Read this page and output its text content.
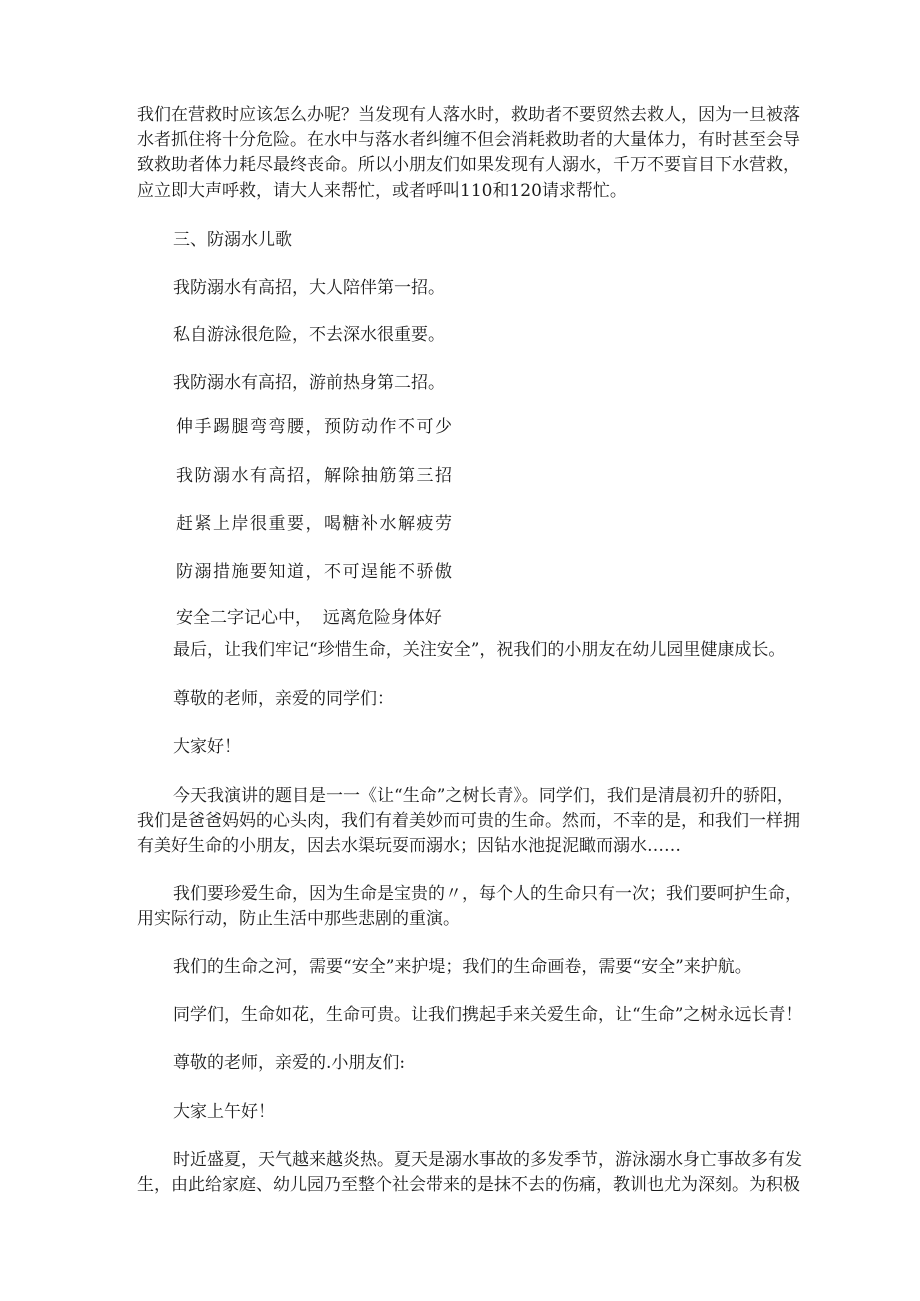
我们在营救时应该怎么办呢？当发现有人落水时，救助者不要贸然去救人，因为一旦被落

水者抓住将十分危险。在水中与落水者纠缠不但会消耗救助者的大量体力，有时甚至会导

致救助者体力耗尽最终丧命。所以小朋友们如果发现有人溺水，千万不要盲目下水营救，

应立即大声呼救，请大人来帮忙，或者呼叫110和120请求帮忙。

三、防溺水儿歌

我防溺水有高招，大人陪伴第一招。

私自游泳很危险，不去深水很重要。

我防溺水有高招，游前热身第二招。

伸手踢腿弯弯腰，预防动作不可少

我防溺水有高招，解除抽筋第三招

赶紧上岸很重要，喝糖补水解疲劳

防溺措施要知道，不可逞能不骄傲

安全二字记心中，  远离危险身体好

最后，让我们牢记“珍惜生命，关注安全”，祝我们的小朋友在幼儿园里健康成长。

尊敬的老师，亲爱的同学们：

大家好！

今天我演讲的题目是一一《让“生命”之树长青》。同学们，我们是清晨初升的骄阳，

我们是爸爸妈妈的心头肉，我们有着美妙而可贵的生命。然而，不幸的是，和我们一样拥

有美好生命的小朋友，因去水渠玩耍而溺水；因钻水池捉泥瞰而溺水……

我们要珍爱生命，因为生命是宝贵的〃，每个人的生命只有一次；我们要呵护生命，

用实际行动，防止生活中那些悲剧的重演。

我们的生命之河，需要“安全”来护堤；我们的生命画卷，需要“安全”来护航。

同学们，生命如花，生命可贵。让我们携起手来关爱生命，让“生命”之树永远长青！

尊敬的老师，亲爱的.小朋友们:

大家上午好！

时近盛夏，天气越来越炎热。夏天是溺水事故的多发季节，游泳溺水身亡事故多有发

生，由此给家庭、幼儿园乃至整个社会带来的是抹不去的伤痛，教训也尤为深刻。为积极
